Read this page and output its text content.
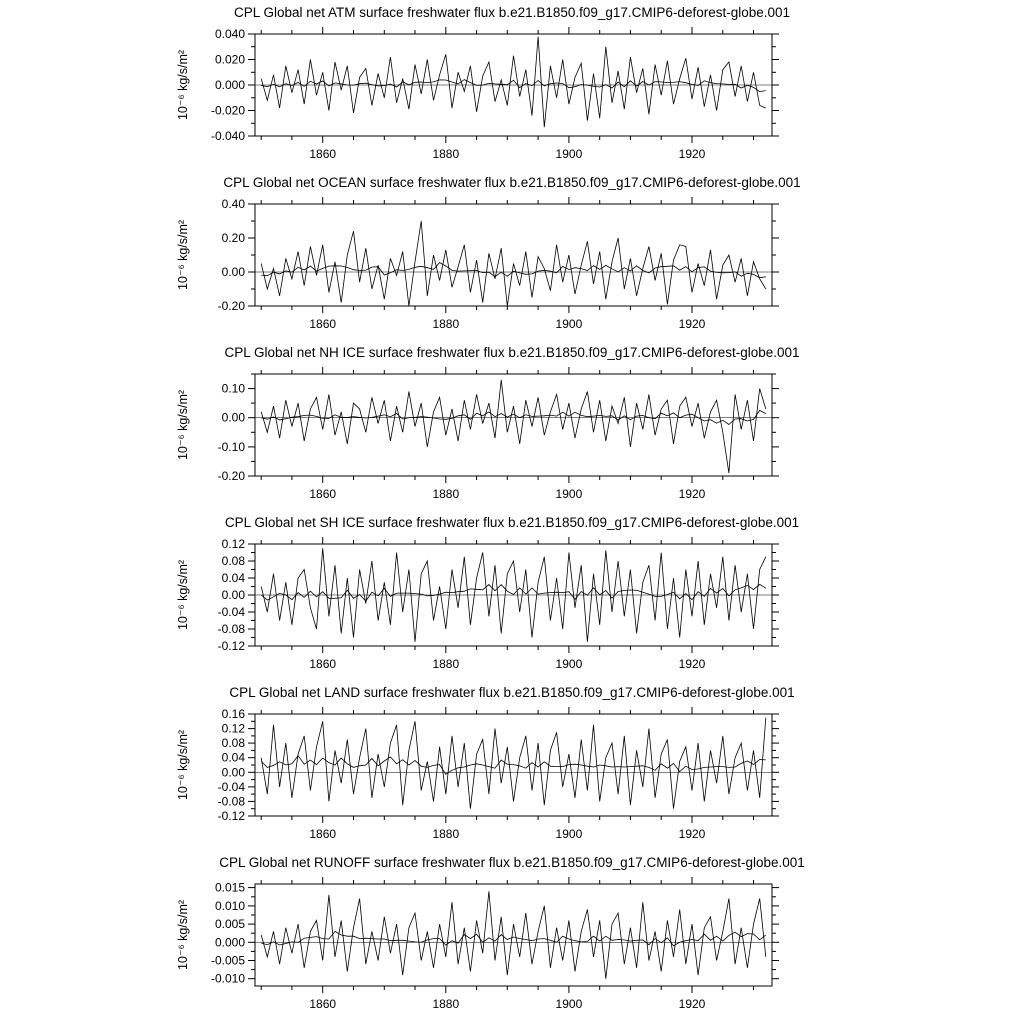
CPL Global net ATM surface freshwater flux b.e21.B1850.f09_g17.CMIP6-deforest-globe.001
1860	1880	1900	1920
0.040
0.020
0.000
-0.020
-0.040
10⁻⁶ kg/s/m²
CPL Global net OCEAN surface freshwater flux b.e21.B1850.f09_g17.CMIP6-deforest-globe.001
1860	1880	1900	1920
0.40
0.20
0.00
-0.20
10⁻⁶ kg/s/m²
CPL Global net NH ICE surface freshwater flux b.e21.B1850.f09_g17.CMIP6-deforest-globe.001
1860	1880	1900	1920
0.10
0.00
-0.10
-0.20
10⁻⁶ kg/s/m²
CPL Global net SH ICE surface freshwater flux b.e21.B1850.f09_g17.CMIP6-deforest-globe.001
1860	1880	1900	1920
0.12
0.08
0.04
0.00
-0.04
-0.08
-0.12
10⁻⁶ kg/s/m²
CPL Global net LAND surface freshwater flux b.e21.B1850.f09_g17.CMIP6-deforest-globe.001
1860	1880	1900	1920
0.16
0.12
0.08
0.04
0.00
-0.04
-0.08
-0.12
10⁻⁶ kg/s/m²
CPL Global net RUNOFF surface freshwater flux b.e21.B1850.f09_g17.CMIP6-deforest-globe.001
1860	1880	1900	1920
0.015
0.010
0.005
0.000
-0.005
-0.010
10⁻⁶ kg/s/m²
